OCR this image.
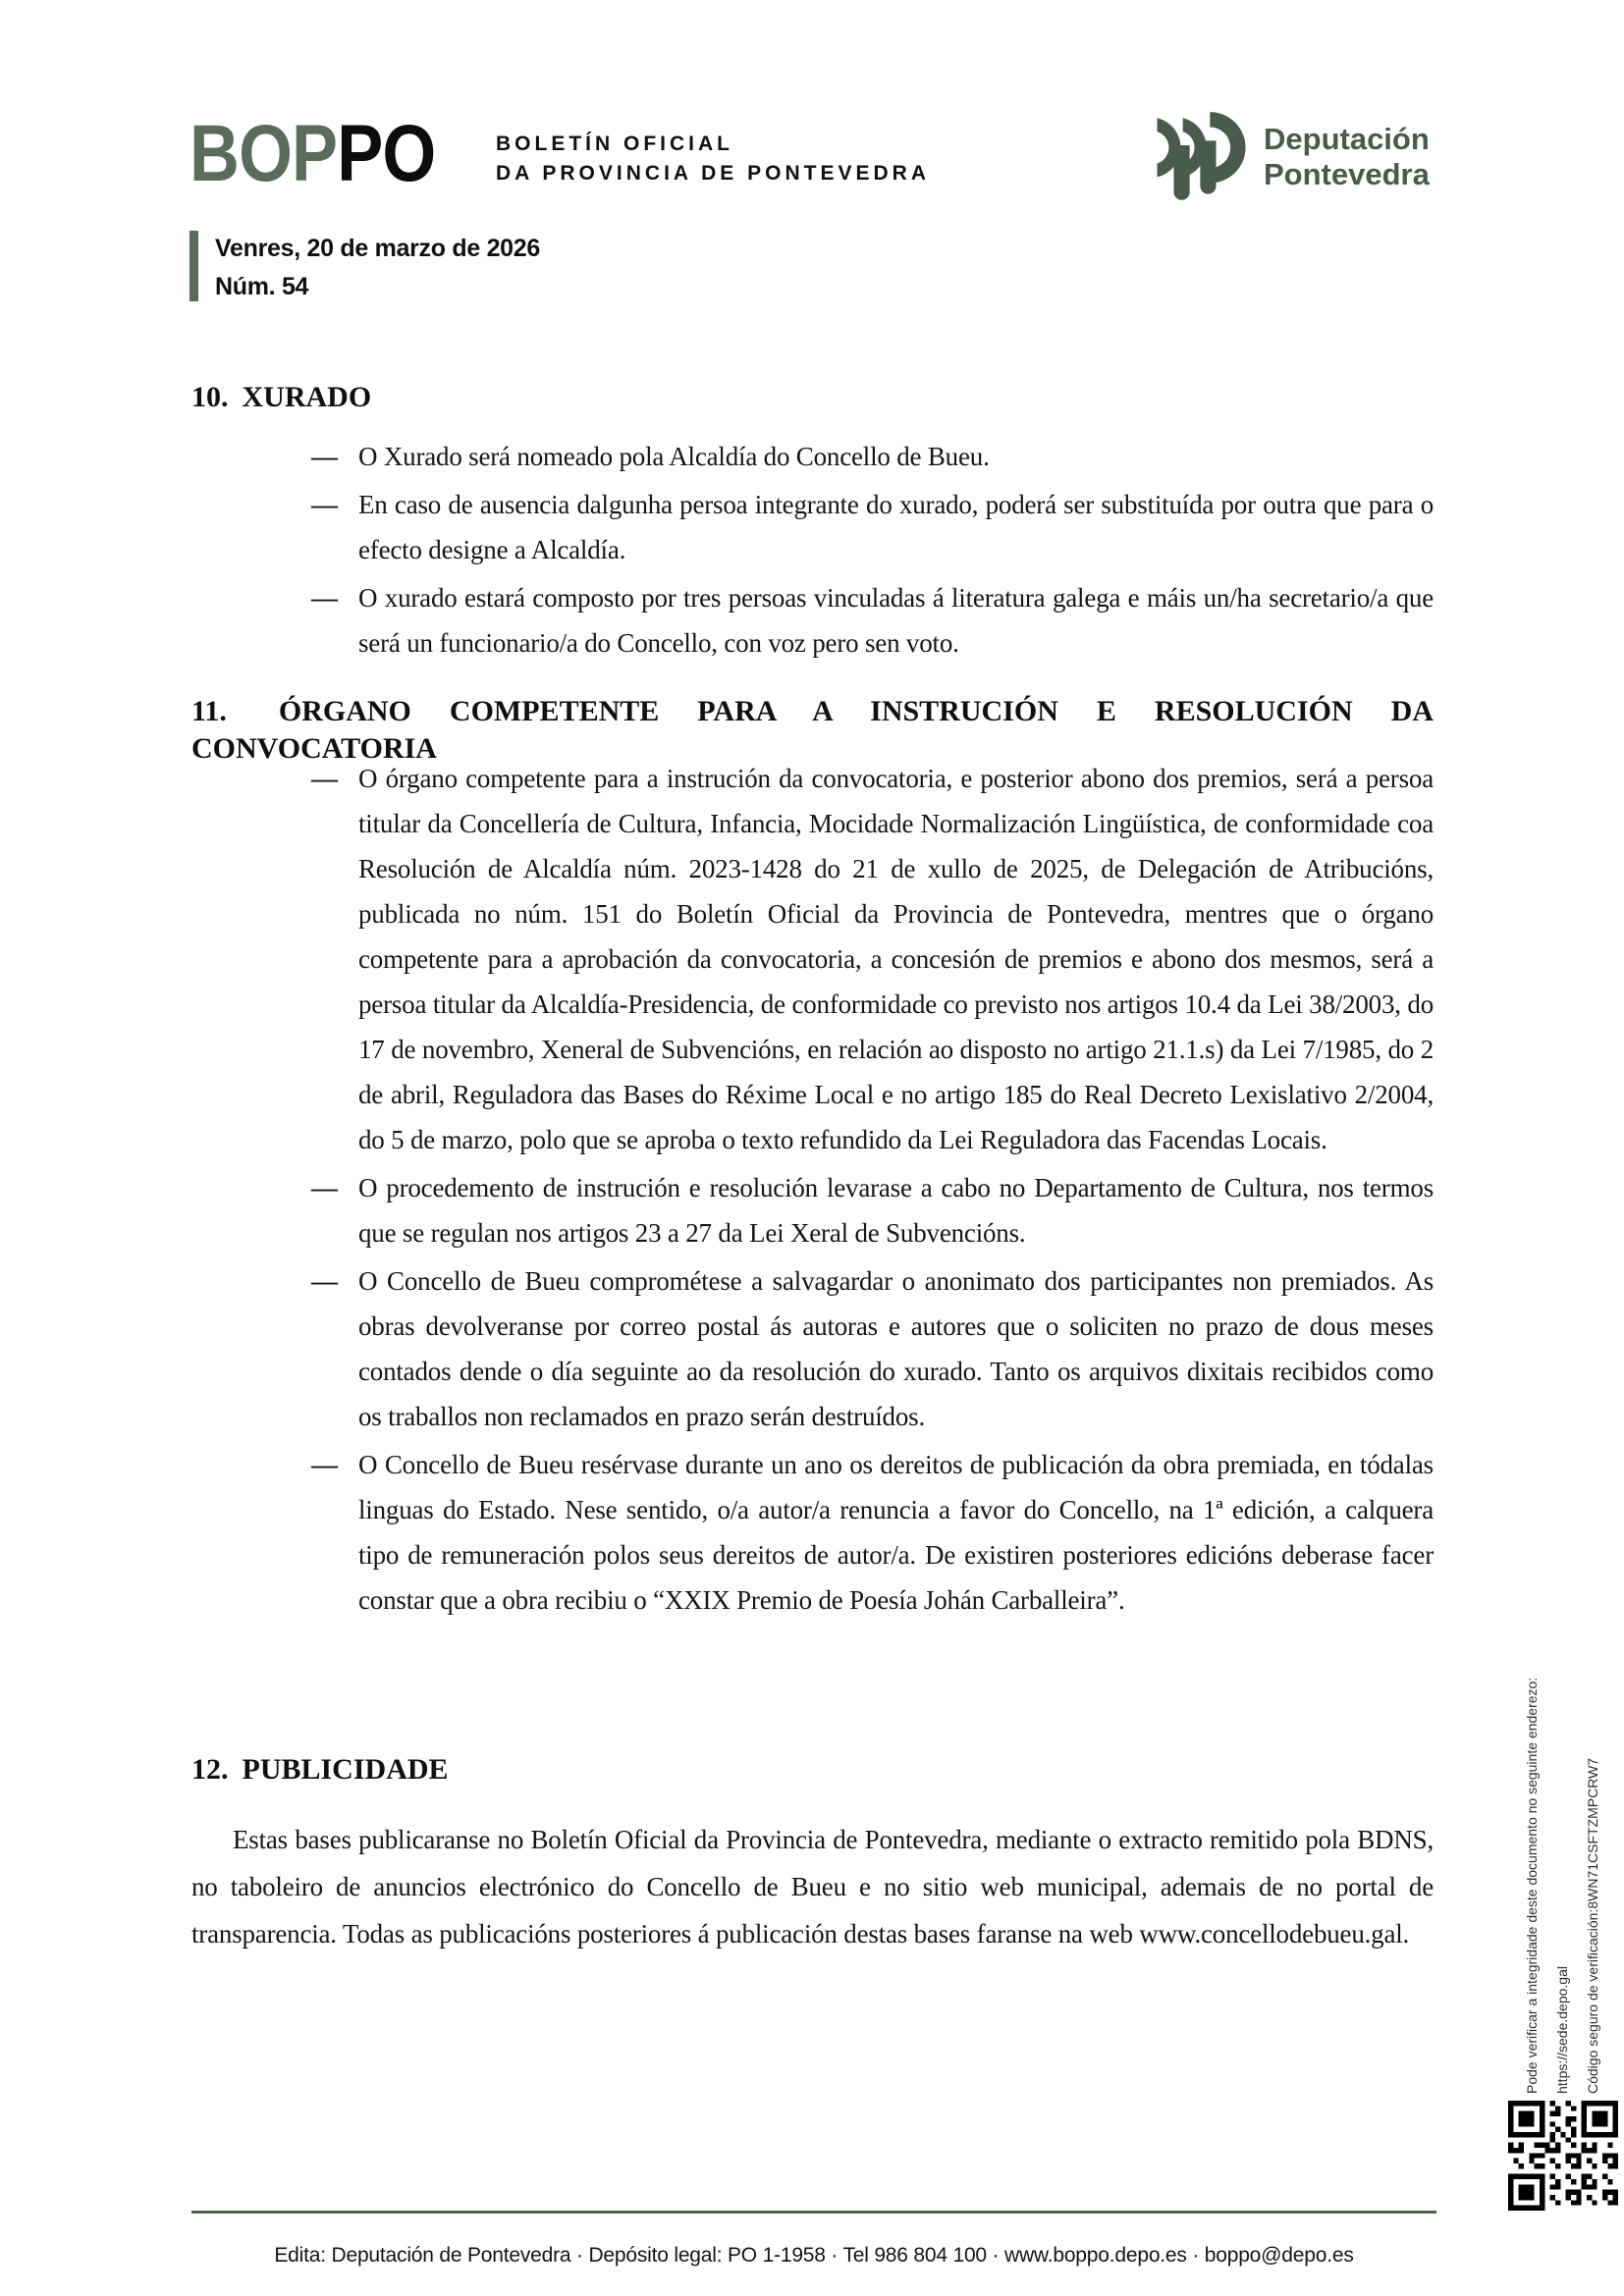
BOPPO	BOLETÍN OFICIAL
DA PROVINCIA DE PONTEVEDRA
Deputación
Pontevedra
Venres, 20 de marzo de 2026
Núm. 54
10. XURADO
— O Xurado será nomeado pola Alcaldía do Concello de Bueu.
— En caso de ausencia dalgunha persoa integrante do xurado, poderá ser substituída por outra que para o efecto designe a Alcaldía.
— O xurado estará composto por tres persoas vinculadas á literatura galega e máis un/ha secretario/a que será un funcionario/a do Concello, con voz pero sen voto.
11. ÓRGANO COMPETENTE PARA A INSTRUCIÓN E RESOLUCIÓN DA CONVOCATORIA
— O órgano competente para a instrución da convocatoria, e posterior abono dos premios, será a persoa titular da Concellería de Cultura, Infancia, Mocidade Normalización Lingüística, de conformidade coa Resolución de Alcaldía núm. 2023-1428 do 21 de xullo de 2025, de Delegación de Atribucións, publicada no núm. 151 do Boletín Oficial da Provincia de Pontevedra, mentres que o órgano competente para a aprobación da convocatoria, a concesión de premios e abono dos mesmos, será a persoa titular da Alcaldía-Presidencia, de conformidade co previsto nos artigos 10.4 da Lei 38/2003, do 17 de novembro, Xeneral de Subvencións, en relación ao disposto no artigo 21.1.s) da Lei 7/1985, do 2 de abril, Reguladora das Bases do Réxime Local e no artigo 185 do Real Decreto Lexislativo 2/2004, do 5 de marzo, polo que se aproba o texto refundido da Lei Reguladora das Facendas Locais.
— O procedemento de instrución e resolución levarase a cabo no Departamento de Cultura, nos termos que se regulan nos artigos 23 a 27 da Lei Xeral de Subvencións.
— O Concello de Bueu comprométese a salvagardar o anonimato dos participantes non premiados. As obras devolveranse por correo postal ás autoras e autores que o soliciten no prazo de dous meses contados dende o día seguinte ao da resolución do xurado. Tanto os arquivos dixitais recibidos como os traballos non reclamados en prazo serán destruídos.
— O Concello de Bueu resérvase durante un ano os dereitos de publicación da obra premiada, en tódalas linguas do Estado. Nese sentido, o/a autor/a renuncia a favor do Concello, na 1ª edición, a calquera tipo de remuneración polos seus dereitos de autor/a. De existiren posteriores edicións deberase facer constar que a obra recibiu o “XXIX Premio de Poesía Johán Carballeira”.
12. PUBLICIDADE

Estas bases publicaranse no Boletín Oficial da Provincia de Pontevedra, mediante o extracto remitido pola BDNS, no taboleiro de anuncios electrónico do Concello de Bueu e no sitio web municipal, ademais de no portal de transparencia. Todas as publicacións posteriores á publicación destas bases faranse na web www.concellodebueu.gal.	Pode verificar a integridade deste documento no seguinte enderezo:	https://sede.depo.gal	Código seguro de verificación:8WN71CSFTZMPCRW7
Edita: Deputación de Pontevedra · Depósito legal: PO 1-1958 · Tel 986 804 100 · www.boppo.depo.es · boppo@depo.es
